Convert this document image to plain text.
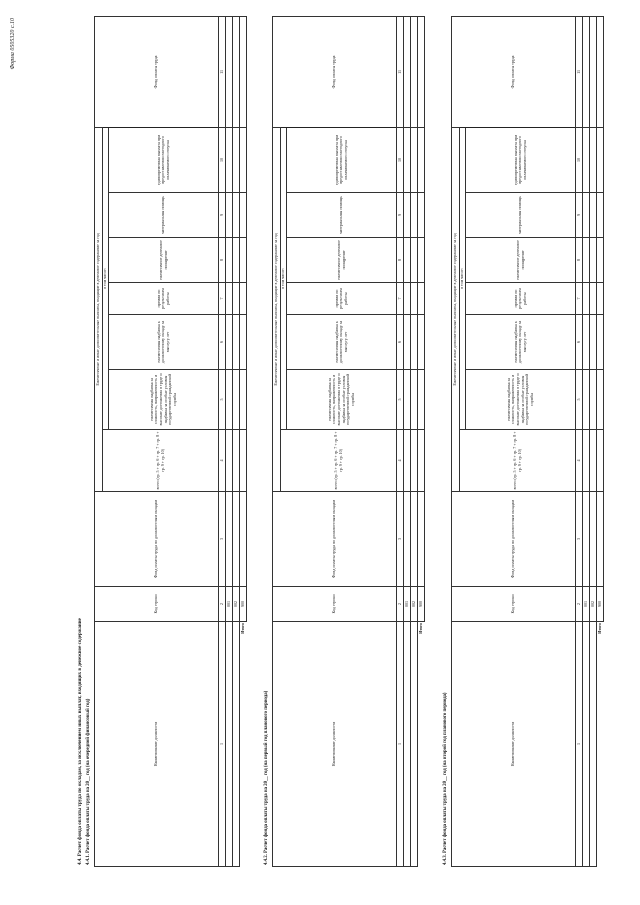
Форма 0505320 с.10
4.4. Расчет фонда оплаты труда по окладам, за исключением иных выплат, входящих в денежное содержание 4.4.1. Расчет фонда оплаты труда на 20__ год (на очередной финансовый год)	Наименование должности	Код строки	Фонд оплаты труда по должностным окладам	Ежемесячные и иные дополнительные выплаты, входящие в денежное содержание за год							Фонд оплаты труда
			всего (гр. 5 + гр. 6 + гр. 7 + гр. 8 + гр. 9 + гр. 10)	в том числе:						
				ежемесячная надбавка за сложность, напряженность и высокие достижения в труде и надбавка за особые условия государственной гражданской службы	ежемесячная надбавка к должностному окладу за выслугу лет	премии по результатам работы	ежемесячное денежное поощрение	материальная помощь	единовременная выплата при предоставлении ежегодного оплачиваемого отпуска	
1	2	3	4	5	6	7	8	9	10	11
	001									
	002									
Итого	900									
4.4.2. Расчет фонда оплаты труда на 20__ год (на первый год планового периода)	Наименование должности	Код строки	Фонд оплаты труда по должностным окладам	Ежемесячные и иные дополнительные выплаты, входящие в денежное содержание за год							Фонд оплаты труда
			всего (гр. 5 + гр. 6 + гр. 7 + гр. 8 + гр. 9 + гр. 10)	в том числе:						
				ежемесячная надбавка за сложность, напряженность и высокие достижения в труде и надбавка за особые условия государственной гражданской службы	ежемесячная надбавка к должностному окладу за выслугу лет	премии по результатам работы	ежемесячное денежное поощрение	материальная помощь	единовременная выплата при предоставлении ежегодного оплачиваемого отпуска	
1	2	3	4	5	6	7	8	9	10	11
	001									
	002									
Итого	900									
4.4.3. Расчет фонда оплаты труда на 20__ год (на второй год планового периода)	Наименование должности	Код строки	Фонд оплаты труда по должностным окладам	Ежемесячные и иные дополнительные выплаты, входящие в денежное содержание за год							Фонд оплаты труда
			всего (гр. 5 + гр. 6 + гр. 7 + гр. 8 + гр. 9 + гр. 10)	в том числе:						
				ежемесячная надбавка за сложность, напряженность и высокие достижения в труде и надбавка за особые условия государственной гражданской службы	ежемесячная надбавка к должностному окладу за выслугу лет	премии по результатам работы	ежемесячное денежное поощрение	материальная помощь	единовременная выплата при предоставлении ежегодного оплачиваемого отпуска	
1	2	3	4	5	6	7	8	9	10	11
	001									
	002									
Итого	900									
